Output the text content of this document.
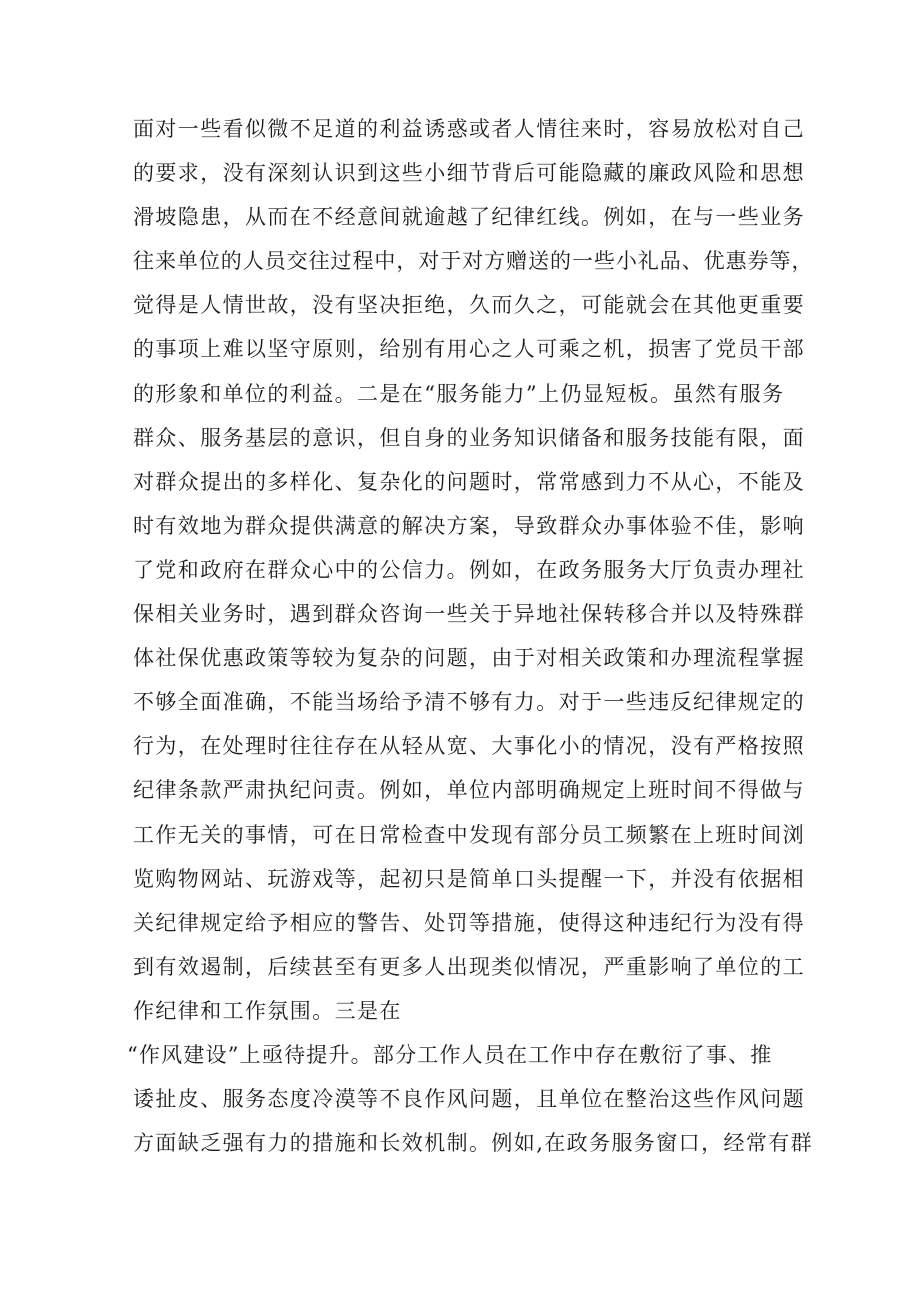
面对一些看似微不足道的利益诱惑或者人情往来时，容易放松对自己
的要求，没有深刻认识到这些小细节背后可能隐藏的廉政风险和思想
滑坡隐患，从而在不经意间就逾越了纪律红线。例如，在与一些业务
往来单位的人员交往过程中，对于对方赠送的一些小礼品、优惠券等，
觉得是人情世故，没有坚决拒绝，久而久之，可能就会在其他更重要
的事项上难以坚守原则，给别有用心之人可乘之机，损害了党员干部
的形象和单位的利益。二是在“服务能力”上仍显短板。虽然有服务
群众、服务基层的意识，但自身的业务知识储备和服务技能有限，面
对群众提出的多样化、复杂化的问题时，常常感到力不从心，不能及
时有效地为群众提供满意的解决方案，导致群众办事体验不佳，影响
了党和政府在群众心中的公信力。例如，在政务服务大厅负责办理社
保相关业务时，遇到群众咨询一些关于异地社保转移合并以及特殊群
体社保优惠政策等较为复杂的问题，由于对相关政策和办理流程掌握
不够全面准确，不能当场给予清不够有力。对于一些违反纪律规定的
行为，在处理时往往存在从轻从宽、大事化小的情况，没有严格按照
纪律条款严肃执纪问责。例如，单位内部明确规定上班时间不得做与
工作无关的事情，可在日常检查中发现有部分员工频繁在上班时间浏
览购物网站、玩游戏等，起初只是简单口头提醒一下，并没有依据相
关纪律规定给予相应的警告、处罚等措施，使得这种违纪行为没有得
到有效遏制，后续甚至有更多人出现类似情况，严重影响了单位的工
作纪律和工作氛围。三是在
“作风建设”上亟待提升。部分工作人员在工作中存在敷衍了事、推
诿扯皮、服务态度冷漠等不良作风问题，且单位在整治这些作风问题
方面缺乏强有力的措施和长效机制。例如,在政务服务窗口，经常有群
